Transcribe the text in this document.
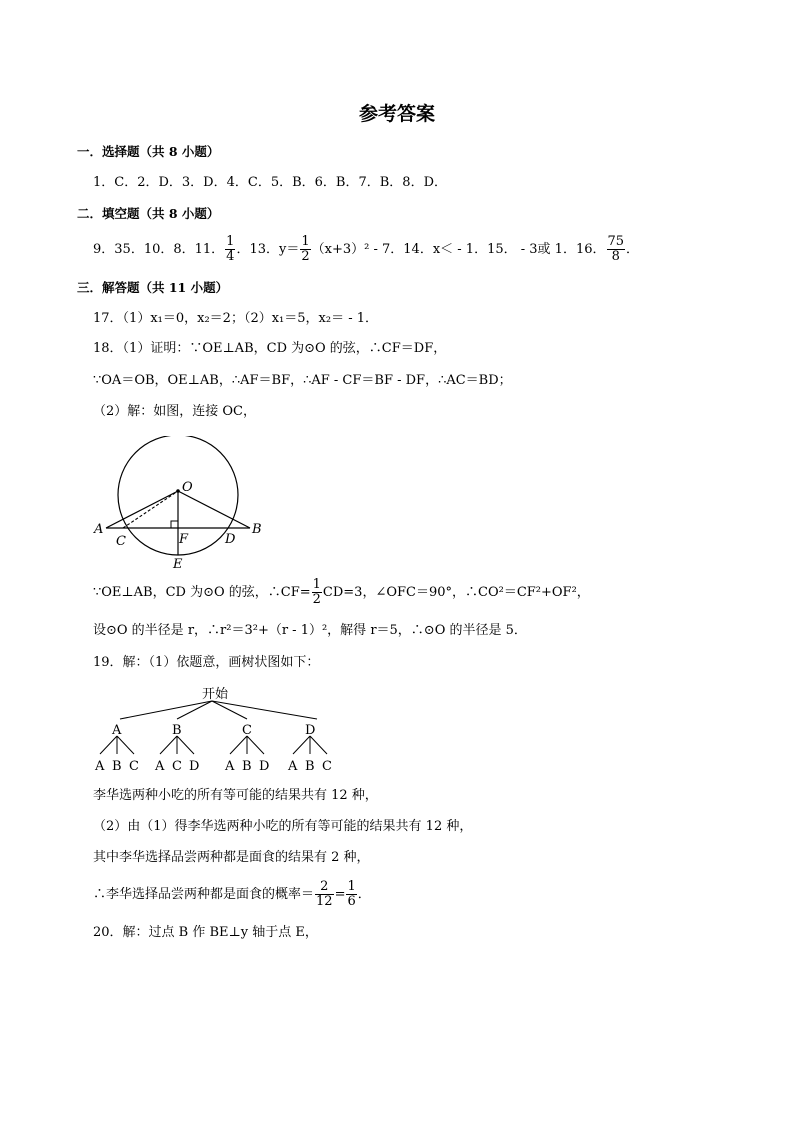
参考答案
一．选择题（共 8 小题）
1．C．2．D．3．D．4．C．5．B．6．B．7．B．8．D．
二．填空题（共 8 小题）
9．35．10．8．11． $\frac{1}{4}$ ．13．$y= \frac{1}{2} (x+3)^2 - 7$．14．x＜ - 1．15． - 3或 1．16． $\frac{75}{8}$ ．
三．解答题（共 11 小题）
17．（1）x₁＝0，x₂＝2；（2）x₁＝5，x₂＝ - 1．
18．（1）证明：∵OE⊥AB，CD 为⊙O 的弦，∴CF＝DF，
∵OA＝OB，OE⊥AB，∴AF＝BF，∴AF - CF＝BF - DF，∴AC＝BD；
（2）解：如图，连接 OC，
O
A	B
C	D
F
E
∵OE⊥AB，CD 为⊙O 的弦，∴CF= $\frac{1}{2} CD=3$，∠OFC＝90°，∴CO²＝CF²+OF²，
设⊙O 的半径是 r，∴r²＝3²+（r - 1）²，解得 r＝5，∴⊙O 的半径是 5．
19．解：（1）依题意，画树状图如下：
开始
A	B	C	D
A B C A C D A B D A B C
李华选两种小吃的所有等可能的结果共有 12 种，
（2）由（1）得李华选两种小吃的所有等可能的结果共有 12 种，
其中李华选择品尝两种都是面食的结果有 2 种，
∴李华选择品尝两种都是面食的概率＝ $\frac{2}{12} = \frac{1}{6}$ ．
20．解：过点 B 作 BE⊥y 轴于点 E，
